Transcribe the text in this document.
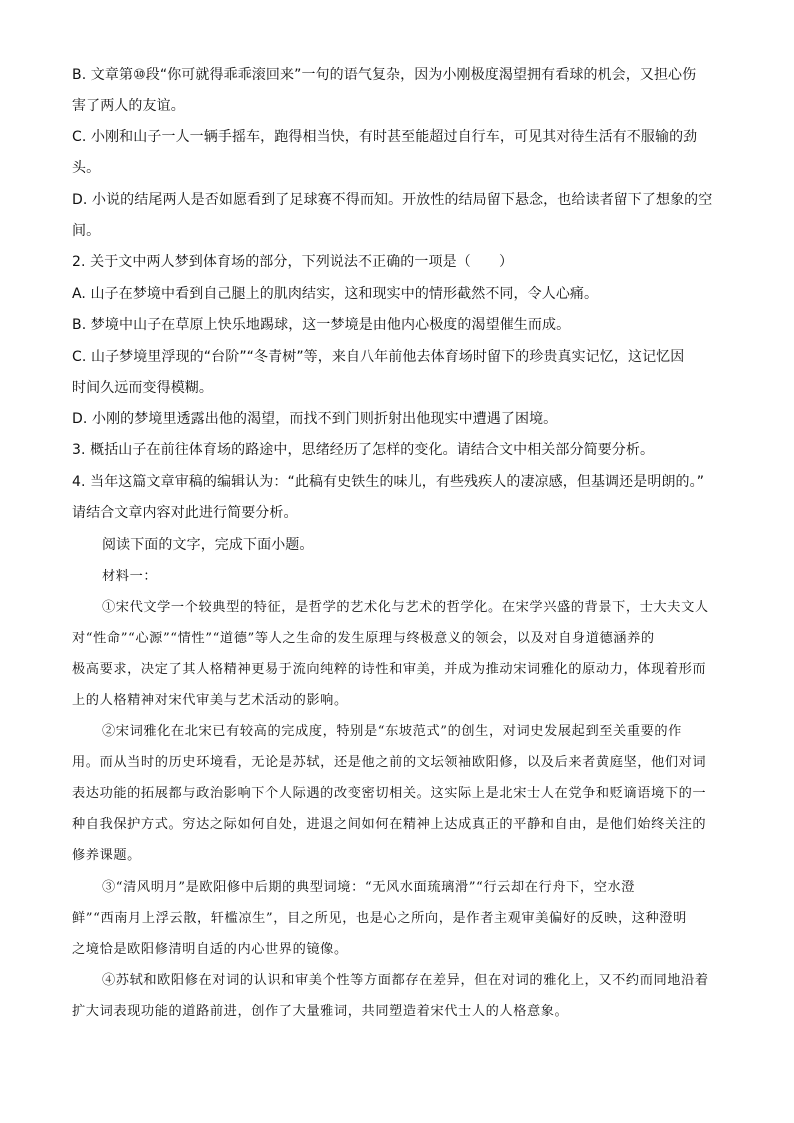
B. 文章第⑩段“你可就得乖乖滚回来”一句的语气复杂，因为小刚极度渴望拥有看球的机会，又担心伤
害了两人的友谊。
C. 小刚和山子一人一辆手摇车，跑得相当快，有时甚至能超过自行车，可见其对待生活有不服输的劲
头。
D. 小说的结尾两人是否如愿看到了足球赛不得而知。开放性的结局留下悬念，也给读者留下了想象的空
间。
2. 关于文中两人梦到体育场的部分，下列说法不正确的一项是（　　）
A. 山子在梦境中看到自己腿上的肌肉结实，这和现实中的情形截然不同，令人心痛。
B. 梦境中山子在草原上快乐地踢球，这一梦境是由他内心极度的渴望催生而成。
C. 山子梦境里浮现的“台阶”“冬青树”等，来自八年前他去体育场时留下的珍贵真实记忆，这记忆因
时间久远而变得模糊。
D. 小刚的梦境里透露出他的渴望，而找不到门则折射出他现实中遭遇了困境。
3. 概括山子在前往体育场的路途中，思绪经历了怎样的变化。请结合文中相关部分简要分析。
4. 当年这篇文章审稿的编辑认为：“此稿有史铁生的味儿，有些残疾人的凄凉感，但基调还是明朗的。”
请结合文章内容对此进行简要分析。
阅读下面的文字，完成下面小题。
材料一：
①宋代文学一个较典型的特征，是哲学的艺术化与艺术的哲学化。在宋学兴盛的背景下，士大夫文人
对“性命”“心源”“情性”“道德”等人之生命的发生原理与终极意义的领会，以及对自身道德涵养的
极高要求，决定了其人格精神更易于流向纯粹的诗性和审美，并成为推动宋词雅化的原动力，体现着形而
上的人格精神对宋代审美与艺术活动的影响。
②宋词雅化在北宋已有较高的完成度，特别是“东坡范式”的创生，对词史发展起到至关重要的作
用。而从当时的历史环境看，无论是苏轼，还是他之前的文坛领袖欧阳修，以及后来者黄庭坚，他们对词
表达功能的拓展都与政治影响下个人际遇的改变密切相关。这实际上是北宋士人在党争和贬谪语境下的一
种自我保护方式。穷达之际如何自处，进退之间如何在精神上达成真正的平静和自由，是他们始终关注的
修养课题。
③“清风明月”是欧阳修中后期的典型词境：“无风水面琉璃滑”“行云却在行舟下，空水澄
鲜”“西南月上浮云散，轩槛凉生”，目之所见，也是心之所向，是作者主观审美偏好的反映，这种澄明
之境恰是欧阳修清明自适的内心世界的镜像。
④苏轼和欧阳修在对词的认识和审美个性等方面都存在差异，但在对词的雅化上，又不约而同地沿着
扩大词表现功能的道路前进，创作了大量雅词，共同塑造着宋代士人的人格意象。
